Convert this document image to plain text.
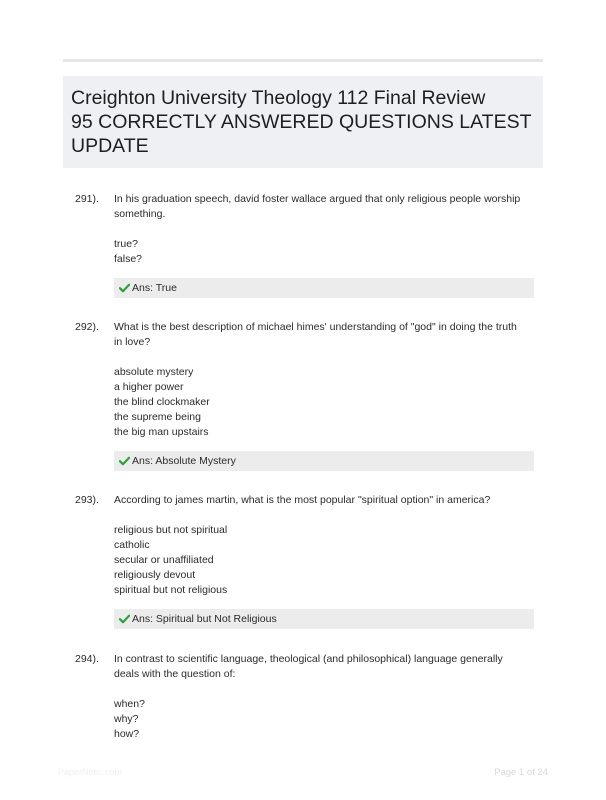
Creighton University Theology 112 Final Review
95 CORRECTLY ANSWERED QUESTIONS LATEST
UPDATE
291). In his graduation speech, david foster wallace argued that only religious people worship something.
true?
false?
Ans: True
292). What is the best description of michael himes' understanding of "god" in doing the truth in love?
absolute mystery
a higher power
the blind clockmaker
the supreme being
the big man upstairs
Ans: Absolute Mystery
293). According to james martin, what is the most popular "spiritual option" in america?
religious but not spiritual
catholic
secular or unaffiliated
religiously devout
spiritual but not religious
Ans: Spiritual but Not Religious
294). In contrast to scientific language, theological (and philosophical) language generally deals with the question of:
when?
why?
how?
PaperNotic.com	Page 1 of 24
